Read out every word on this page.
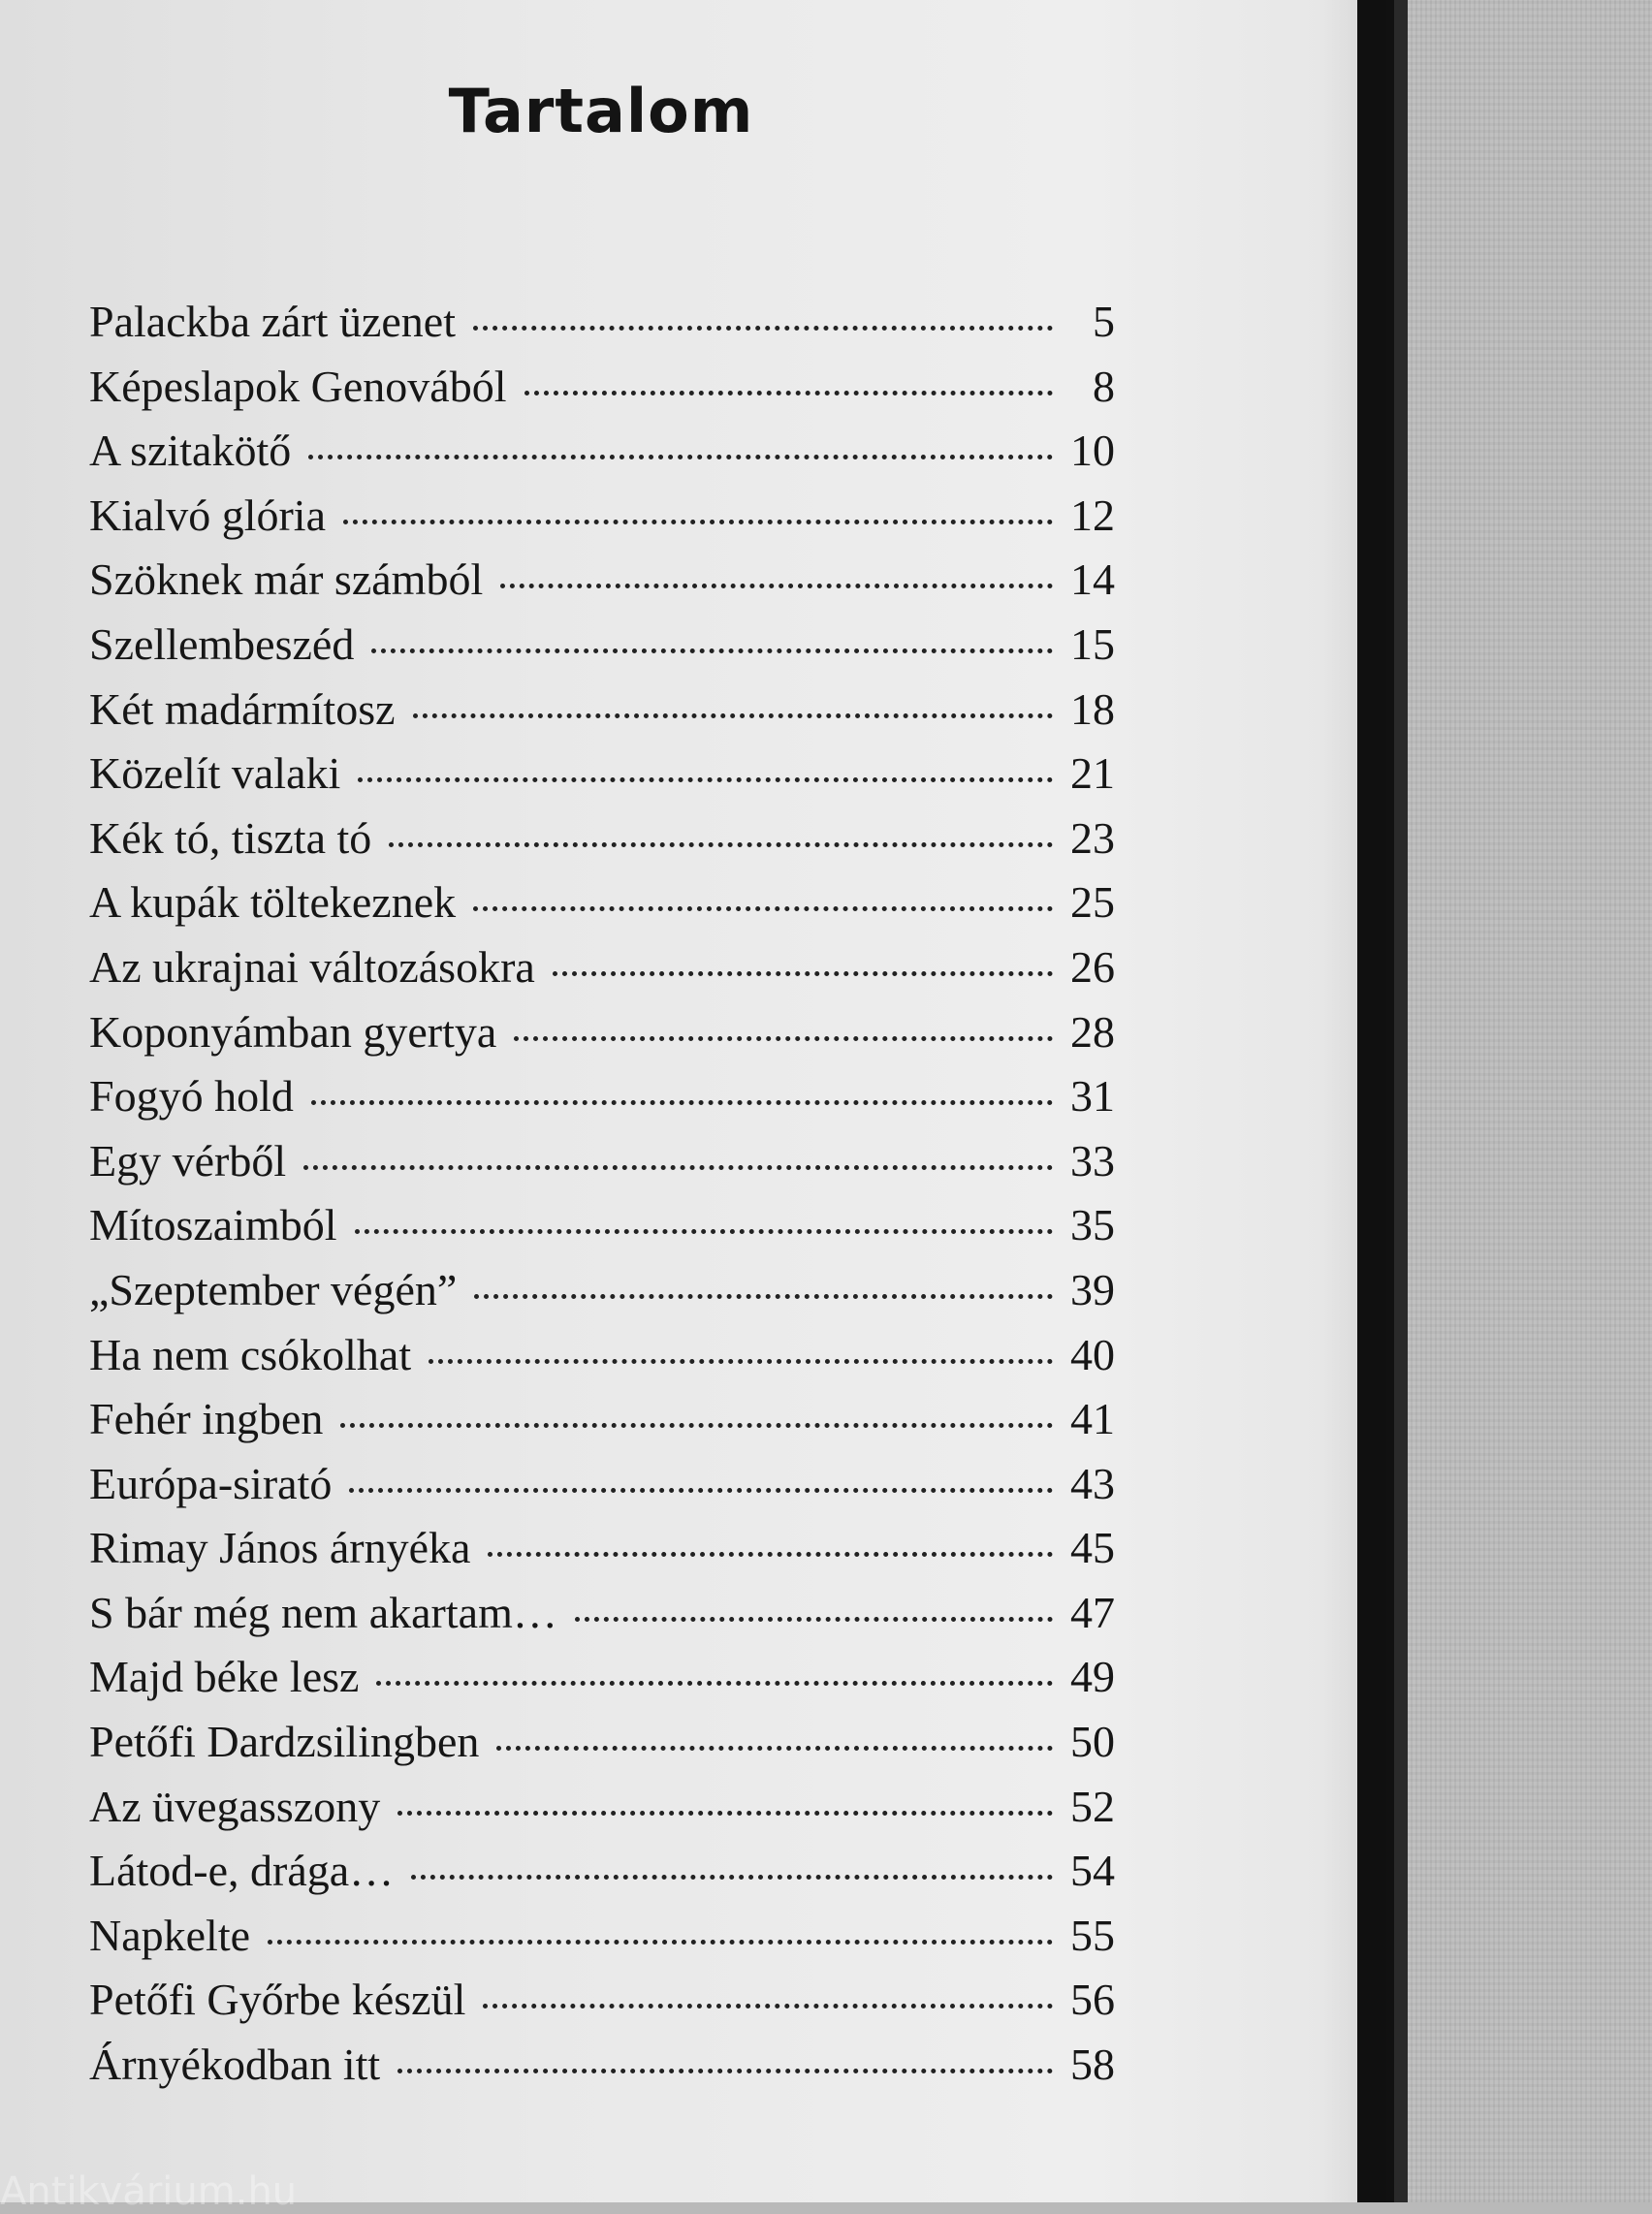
Tartalom
Palackba zárt üzenet	5
Képeslapok Genovából	8
A szitakötő	10
Kialvó glória	12
Szöknek már számból	14
Szellembeszéd	15
Két madármítosz	18
Közelít valaki	21
Kék tó, tiszta tó	23
A kupák töltekeznek	25
Az ukrajnai változásokra	26
Koponyámban gyertya	28
Fogyó hold	31
Egy vérből	33
Mítoszaimból	35
„Szeptember végén”	39
Ha nem csókolhat	40
Fehér ingben	41
Európa-sirató	43
Rimay János árnyéka	45
S bár még nem akartam…	47
Majd béke lesz	49
Petőfi Dardzsilingben	50
Az üvegasszony	52
Látod-e, drága…	54
Napkelte	55
Petőfi Győrbe készül	56
Árnyékodban itt	58
Antikvárium.hu
